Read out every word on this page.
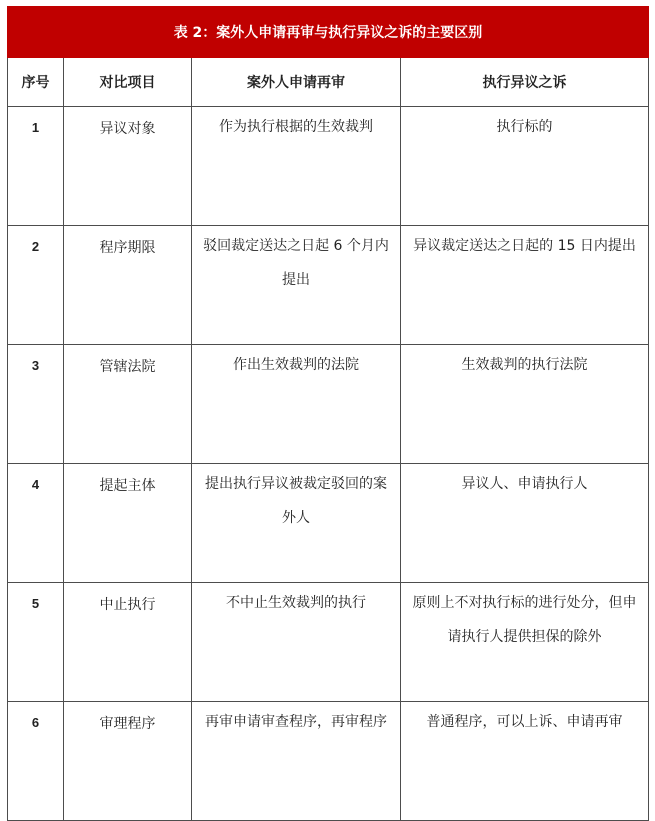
表 2：案外人申请再审与执行异议之诉的主要区别			
序号	对比项目	案外人申请再审	执行异议之诉
1	异议对象	作为执行根据的生效裁判	执行标的

2	程序期限	驳回裁定送达之日起 6 个月内提出	异议裁定送达之日起的 15 日内提出

3	管辖法院	作出生效裁判的法院	生效裁判的执行法院

4	提起主体	提出执行异议被裁定驳回的案外人	异议人、申请执行人

5	中止执行	不中止生效裁判的执行	原则上不对执行标的进行处分，但申请执行人提供担保的除外

6	审理程序	再审申请审查程序，再审程序	普通程序，可以上诉、申请再审
